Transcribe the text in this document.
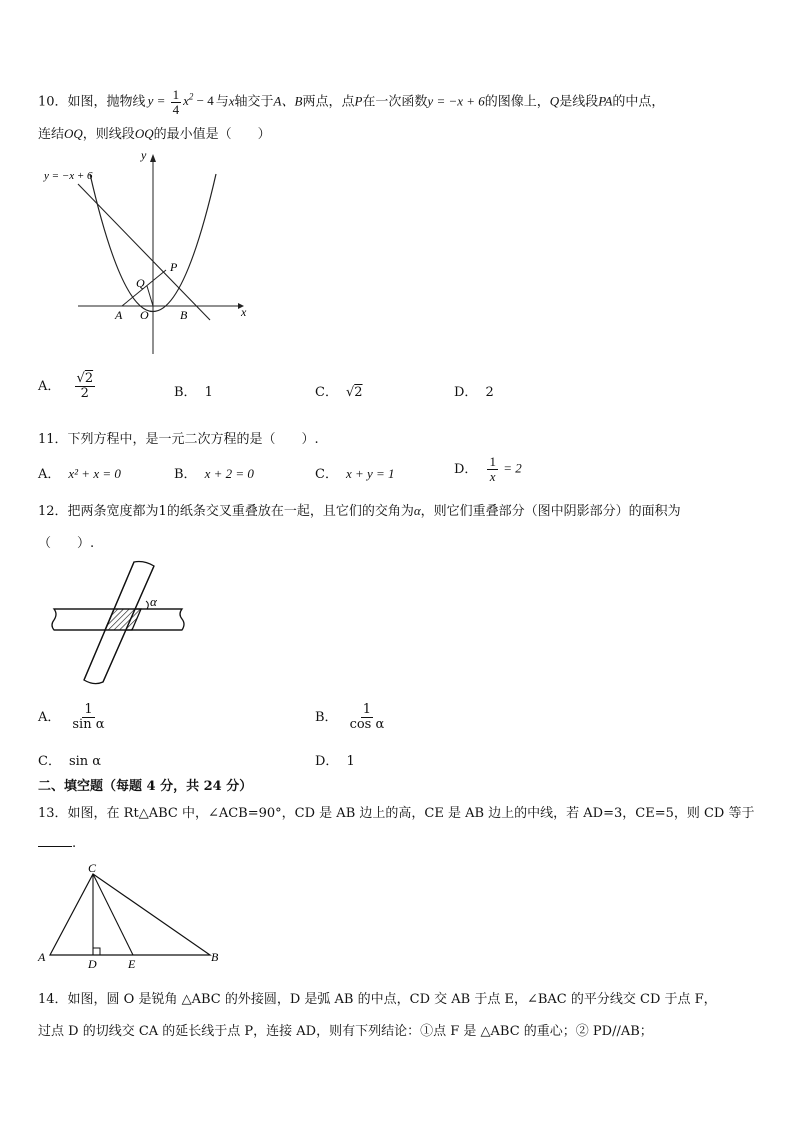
10．如图，抛物线 $y = \frac{1}{4} x^2 - 4$ 与x轴交于A、B两点，点P在一次函数y = −x + 6的图像上，Q是线段PA的中点，
连结OQ，则线段OQ的最小值是（　　）
y = −x + 6
y
x
A O	B
P
Q
A． $\frac{√2}{2}$	B． 1	C． √2	D． 2
11．下列方程中，是一元二次方程的是（　　）.
A． x² + x = 0	B． x + 2 = 0	C． x + y = 1	D． $\frac{1}{x} = 2$
12．把两条宽度都为1的纸条交叉重叠放在一起，且它们的交角为α，则它们重叠部分（图中阴影部分）的面积为
（　　）.
α
A． $\frac{1}{\text{sin α}}$	B． $\frac{1}{\text{cos α}}$
C． sin α	D． 1
二、填空题（每题 4 分，共 24 分）
13．如图，在 Rt△ABC 中，∠ACB=90°，CD 是 AB 边上的高，CE 是 AB 边上的中线，若 AD=3，CE=5，则 CD 等于
.
C
A	D	E	B
14．如图，圆 O 是锐角 △ABC 的外接圆，D 是弧 AB 的中点，CD 交 AB 于点 E，∠BAC 的平分线交 CD 于点 F，
过点 D 的切线交 CA 的延长线于点 P，连接 AD，则有下列结论：①点 F 是 △ABC 的重心；② PD//AB；
